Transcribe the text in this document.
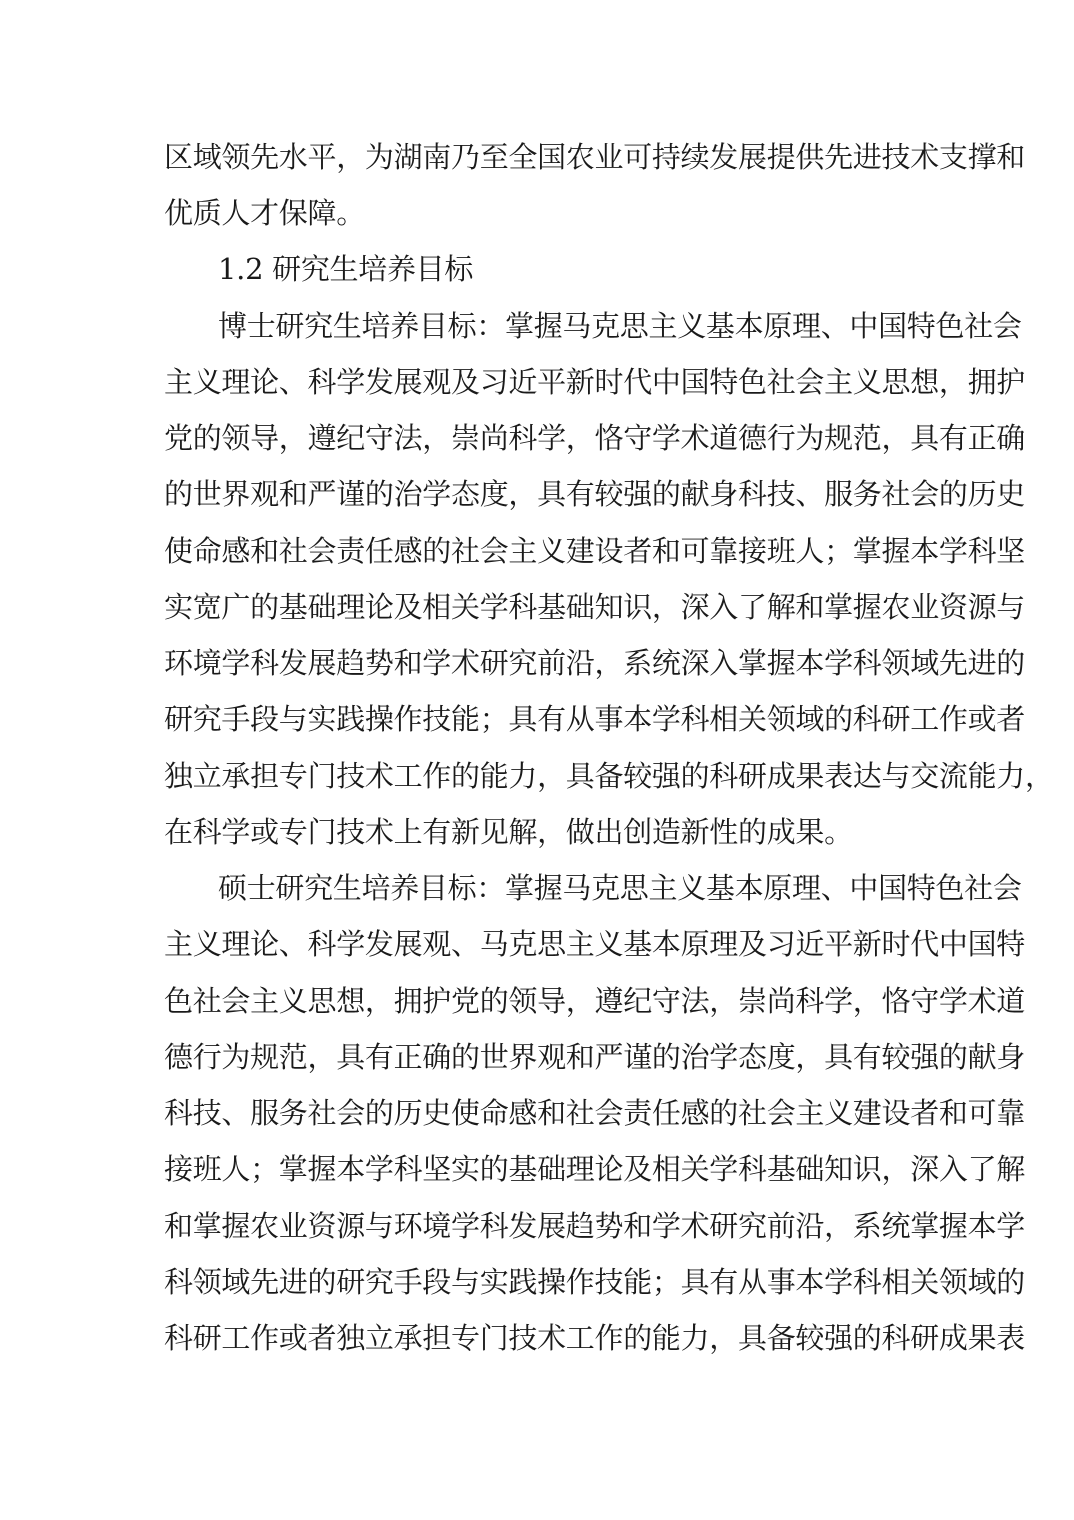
区域领先水平，为湖南乃至全国农业可持续发展提供先进技术支撑和
优质人才保障。
1.2 研究生培养目标
博士研究生培养目标：掌握马克思主义基本原理、中国特色社会
主义理论、科学发展观及习近平新时代中国特色社会主义思想，拥护
党的领导，遵纪守法，崇尚科学，恪守学术道德行为规范，具有正确
的世界观和严谨的治学态度，具有较强的献身科技、服务社会的历史
使命感和社会责任感的社会主义建设者和可靠接班人；掌握本学科坚
实宽广的基础理论及相关学科基础知识，深入了解和掌握农业资源与
环境学科发展趋势和学术研究前沿，系统深入掌握本学科领域先进的
研究手段与实践操作技能；具有从事本学科相关领域的科研工作或者
独立承担专门技术工作的能力，具备较强的科研成果表达与交流能力，
在科学或专门技术上有新见解，做出创造新性的成果。
硕士研究生培养目标：掌握马克思主义基本原理、中国特色社会
主义理论、科学发展观、马克思主义基本原理及习近平新时代中国特
色社会主义思想，拥护党的领导，遵纪守法，崇尚科学，恪守学术道
德行为规范，具有正确的世界观和严谨的治学态度，具有较强的献身
科技、服务社会的历史使命感和社会责任感的社会主义建设者和可靠
接班人；掌握本学科坚实的基础理论及相关学科基础知识，深入了解
和掌握农业资源与环境学科发展趋势和学术研究前沿，系统掌握本学
科领域先进的研究手段与实践操作技能；具有从事本学科相关领域的
科研工作或者独立承担专门技术工作的能力，具备较强的科研成果表
